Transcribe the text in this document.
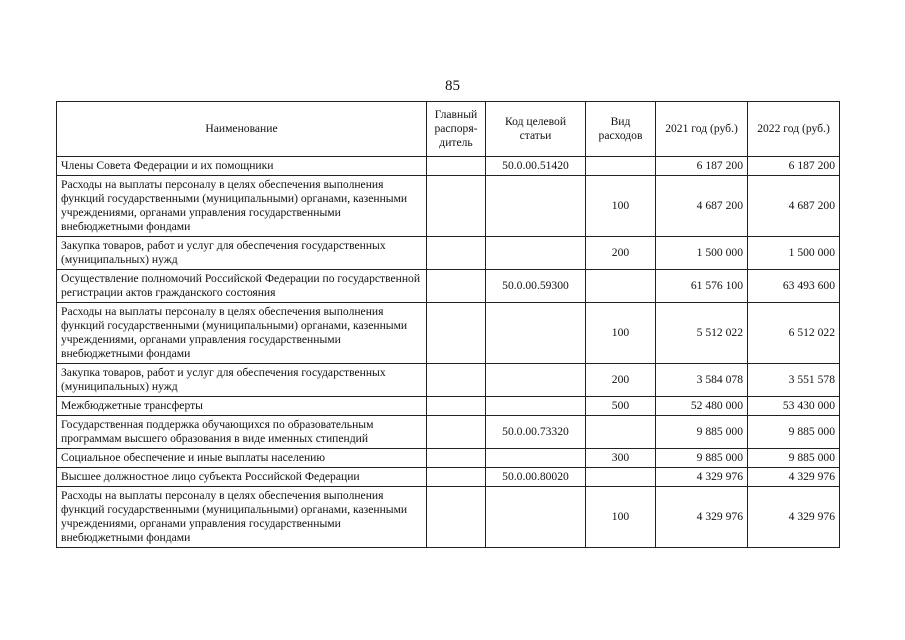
85
Наименование	Главный распоря-дитель	Код целевой статьи	Вид расходов	2021 год (руб.)	2022 год (руб.)
Члены Совета Федерации и их помощники		50.0.00.51420		6 187 200	6 187 200
Расходы на выплаты персоналу в целях обеспечения выполнения функций государственными (муниципальными) органами, казенными учреждениями, органами управления государственными внебюджетными фондами			100	4 687 200	4 687 200
Закупка товаров, работ и услуг для обеспечения государственных (муниципальных) нужд			200	1 500 000	1 500 000
Осуществление полномочий Российской Федерации по государственной регистрации актов гражданского состояния		50.0.00.59300		61 576 100	63 493 600
Расходы на выплаты персоналу в целях обеспечения выполнения функций государственными (муниципальными) органами, казенными учреждениями, органами управления государственными внебюджетными фондами			100	5 512 022	6 512 022
Закупка товаров, работ и услуг для обеспечения государственных (муниципальных) нужд			200	3 584 078	3 551 578
Межбюджетные трансферты			500	52 480 000	53 430 000
Государственная поддержка обучающихся по образовательным программам высшего образования в виде именных стипендий		50.0.00.73320		9 885 000	9 885 000
Социальное обеспечение и иные выплаты населению			300	9 885 000	9 885 000
Высшее должностное лицо субъекта Российской Федерации		50.0.00.80020		4 329 976	4 329 976
Расходы на выплаты персоналу в целях обеспечения выполнения функций государственными (муниципальными) органами, казенными учреждениями, органами управления государственными внебюджетными фондами			100	4 329 976	4 329 976
